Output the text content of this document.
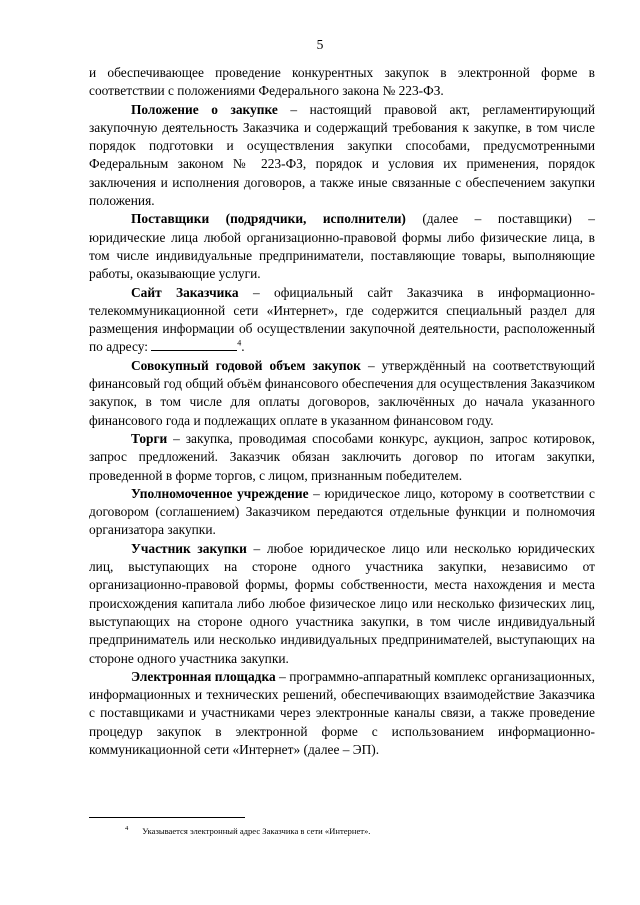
5

и обеспечивающее проведение конкурентных закупок в электронной форме в соответствии с положениями Федерального закона № 223-ФЗ.

Положение о закупке – настоящий правовой акт, регламентирующий закупочную деятельность Заказчика и содержащий требования к закупке, в том числе порядок подготовки и осуществления закупки способами, предусмотренными Федеральным законом № 223-ФЗ, порядок и условия их применения, порядок заключения и исполнения договоров, а также иные связанные с обеспечением закупки положения.

Поставщики (подрядчики, исполнители) (далее – поставщики) – юридические лица любой организационно-правовой формы либо физические лица, в том числе индивидуальные предприниматели, поставляющие товары, выполняющие работы, оказывающие услуги.

Сайт Заказчика – официальный сайт Заказчика в информационно-телекоммуникационной сети «Интернет», где содержится специальный раздел для размещения информации об осуществлении закупочной деятельности, расположенный по адресу:	$^4$.

Совокупный годовой объем закупок – утверждённый на соответствующий финансовый год общий объём финансового обеспечения для осуществления Заказчиком закупок, в том числе для оплаты договоров, заключённых до начала указанного финансового года и подлежащих оплате в указанном финансовом году.

Торги – закупка, проводимая способами конкурс, аукцион, запрос котировок, запрос предложений. Заказчик обязан заключить договор по итогам закупки, проведенной в форме торгов, с лицом, признанным победителем.

Уполномоченное учреждение – юридическое лицо, которому в соответствии с договором (соглашением) Заказчиком передаются отдельные функции и полномочия организатора закупки.

Участник закупки – любое юридическое лицо или несколько юридических лиц, выступающих на стороне одного участника закупки, независимо от организационно-правовой формы, формы собственности, места нахождения и места происхождения капитала либо любое физическое лицо или несколько физических лиц, выступающих на стороне одного участника закупки, в том числе индивидуальный предприниматель или несколько индивидуальных предпринимателей, выступающих на стороне одного участника закупки.

Электронная площадка – программно-аппаратный комплекс организационных, информационных и технических решений, обеспечивающих взаимодействие Заказчика с поставщиками и участниками через электронные каналы связи, а также проведение процедур закупок в электронной форме с использованием информационно-коммуникационной сети «Интернет» (далее – ЭП).

$^4$ Указывается электронный адрес Заказчика в сети «Интернет».
